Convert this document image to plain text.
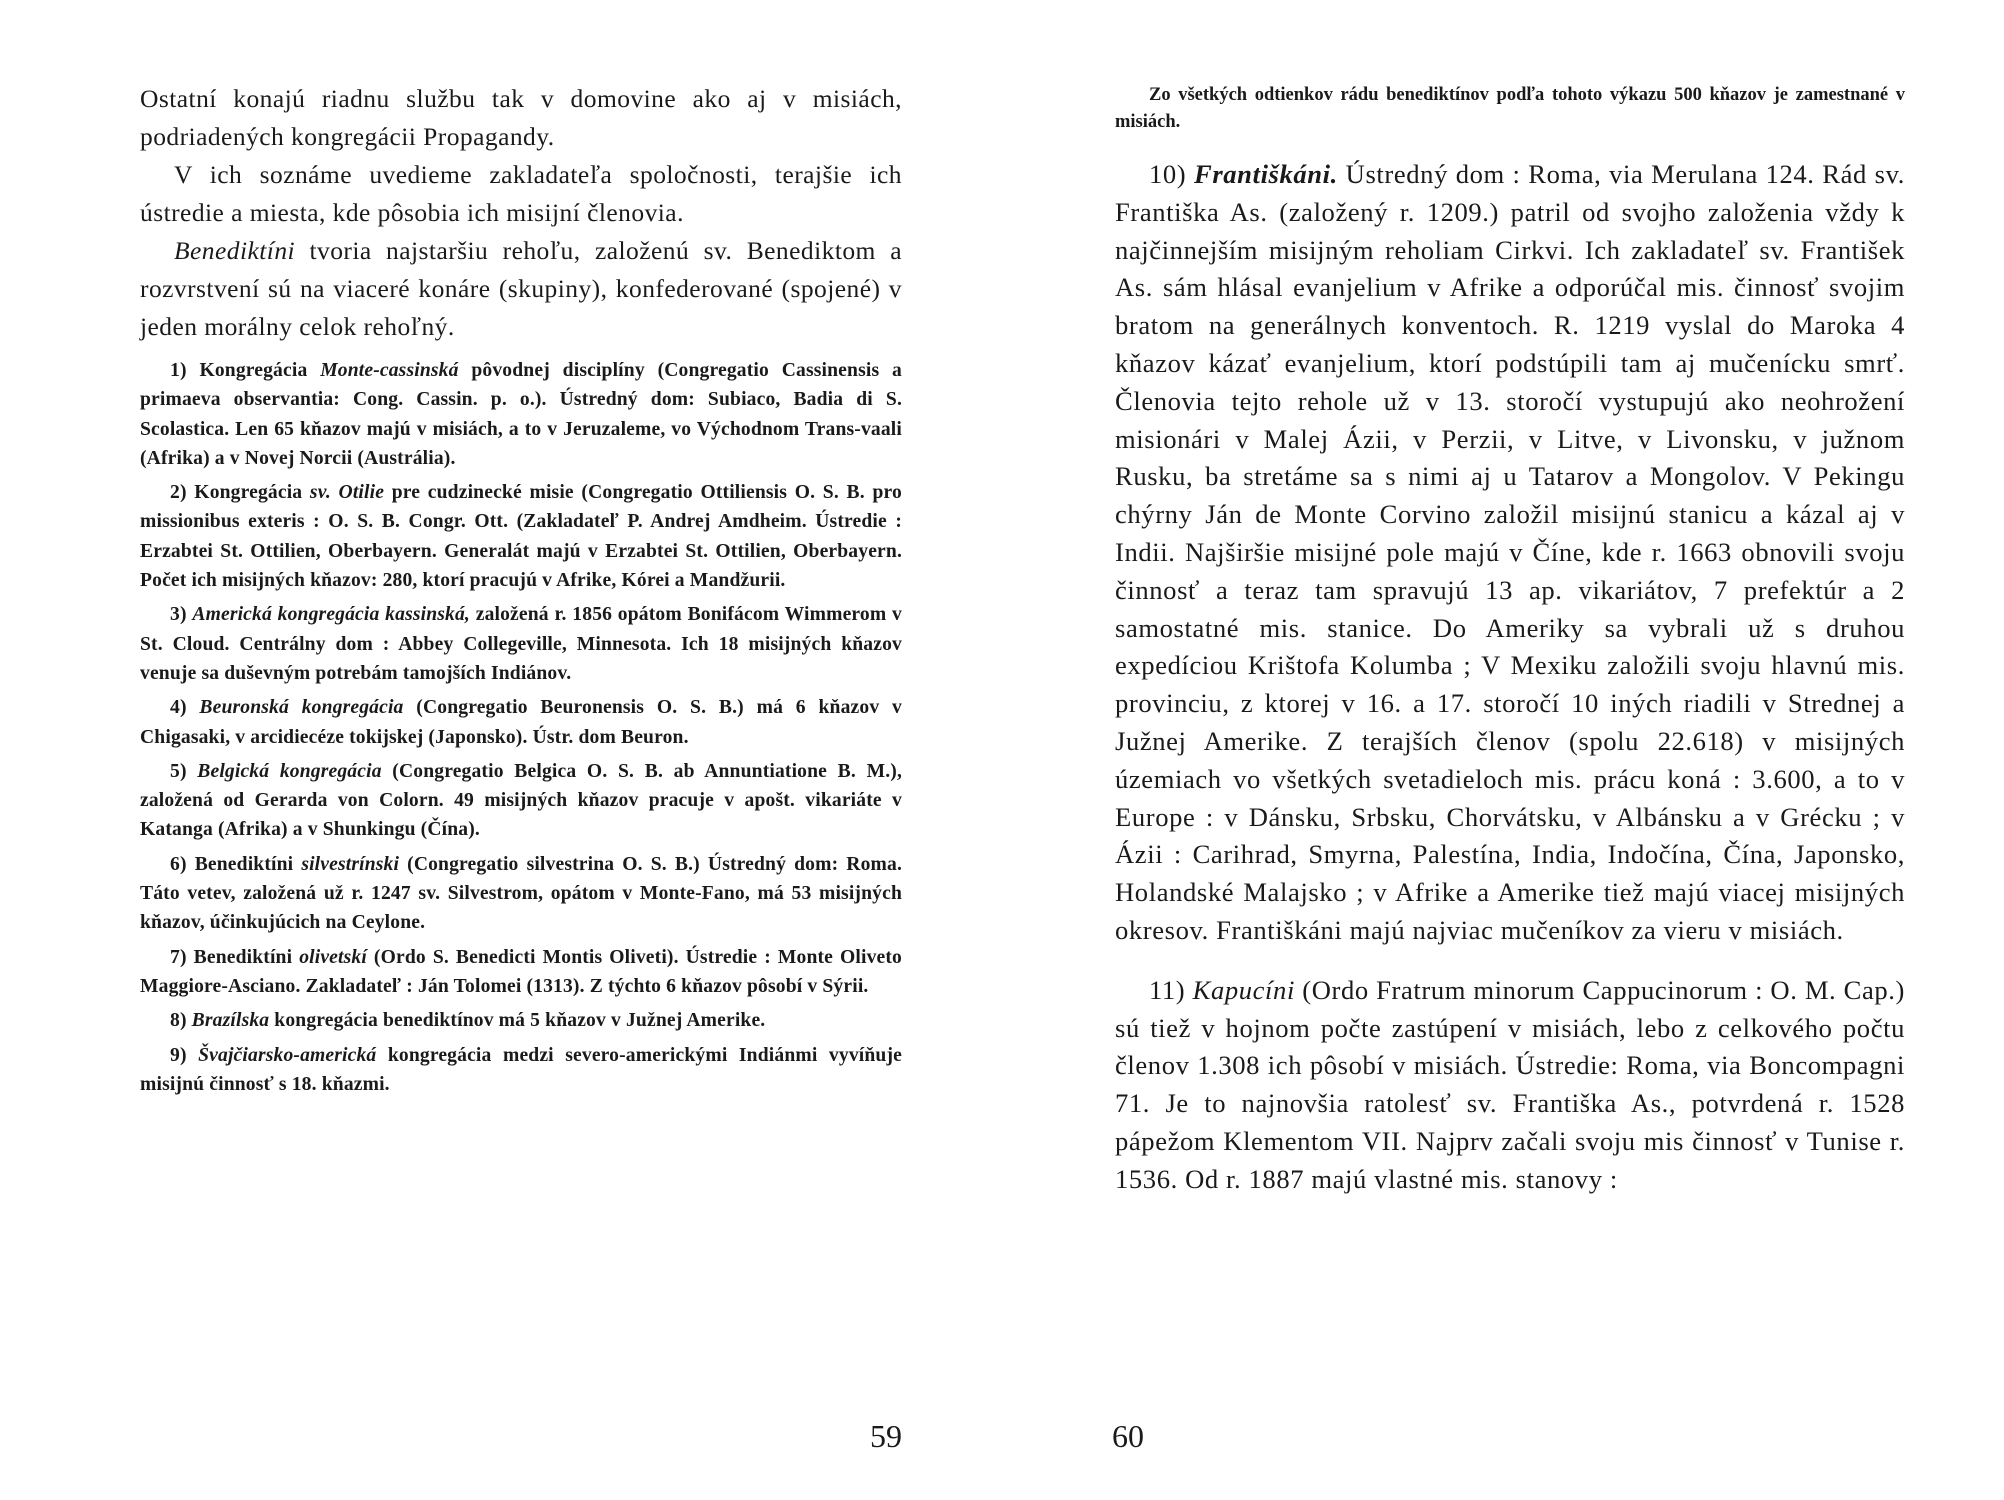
Ostatní konajú riadnu službu tak v domovine ako aj v misiách, podriadených kongregácii Propagandy.

V ich soznáme uvedieme zakladateľa spoločnosti, terajšie ich ústredie a miesta, kde pôsobia ich misijní členovia.

Benediktíni tvoria najstaršiu rehoľu, založenú sv. Benediktom a rozvrstvení sú na viaceré konáre (skupiny), konfederované (spojené) v jeden morálny celok rehoľný.

1) Kongregácia Monte-cassinská pôvodnej disciplíny (Congregatio Cassinensis a primaeva observantia: Cong. Cassin. p. o.). Ústredný dom: Subiaco, Badia di S. Scolastica. Len 65 kňazov majú v misiách, a to v Jeruzaleme, vo Východnom Trans-vaali (Afrika) a v Novej Norcii (Austrália).

2) Kongregácia sv. Otilie pre cudzinecké misie (Congregatio Ottiliensis O. S. B. pro missionibus exteris : O. S. B. Congr. Ott. (Zakladateľ P. Andrej Amdheim. Ústredie : Erzabtei St. Ottilien, Oberbayern. Generalát majú v Erzabtei St. Ottilien, Oberbayern. Počet ich misijných kňazov: 280, ktorí pracujú v Afrike, Kórei a Mandžurii.

3) Americká kongregácia kassinská, založená r. 1856 opátom Bonifácom Wimmerom v St. Cloud. Centrálny dom : Abbey Collegeville, Minnesota. Ich 18 misijných kňazov venuje sa duševným potrebám tamojších Indiánov.

4) Beuronská kongregácia (Congregatio Beuronensis O. S. B.) má 6 kňazov v Chigasaki, v arcidiecéze tokijskej (Japonsko). Ústr. dom Beuron.

5) Belgická kongregácia (Congregatio Belgica O. S. B. ab Annuntiatione B. M.), založená od Gerarda von Colorn. 49 misijných kňazov pracuje v apošt. vikariáte v Katanga (Afrika) a v Shunkingu (Čína).

6) Benediktíni silvestrínski (Congregatio silvestrina O. S. B.) Ústredný dom: Roma. Táto vetev, založená už r. 1247 sv. Silvestrom, opátom v Monte-Fano, má 53 misijných kňazov, účinkujúcich na Ceylone.

7) Benediktíni olivetskí (Ordo S. Benedicti Montis Oliveti). Ústredie : Monte Oliveto Maggiore-Asciano. Zakladateľ : Ján Tolomei (1313). Z týchto 6 kňazov pôsobí v Sýrii.

8) Brazílska kongregácia benediktínov má 5 kňazov v Južnej Amerike.

9) Švajčiarsko-americká kongregácia medzi severo-americkými Indiánmi vyvíňuje misijnú činnosť s 18. kňazmi.

59

Zo všetkých odtienkov rádu benediktínov podľa tohoto výkazu 500 kňazov je zamestnané v misiách.

10) Františkáni. Ústredný dom : Roma, via Merulana 124. Rád sv. Františka As. (založený r. 1209.) patril od svojho založenia vždy k najčinnejším misijným reholiam Cirkvi. Ich zakladateľ sv. František As. sám hlásal evanjelium v Afrike a odporúčal mis. činnosť svojim bratom na generálnych konventoch. R. 1219 vyslal do Maroka 4 kňazov kázať evanjelium, ktorí podstúpili tam aj mučenícku smrť. Členovia tejto rehole už v 13. storočí vystupujú ako neohrožení misionári v Malej Ázii, v Perzii, v Litve, v Livonsku, v južnom Rusku, ba stretáme sa s nimi aj u Tatarov a Mongolov. V Pekingu chýrny Ján de Monte Corvino založil misijnú stanicu a kázal aj v Indii. Najširšie misijné pole majú v Číne, kde r. 1663 obnovili svoju činnosť a teraz tam spravujú 13 ap. vikariátov, 7 prefektúr a 2 samostatné mis. stanice. Do Ameriky sa vybrali už s druhou expedíciou Krištofa Kolumba ; V Mexiku založili svoju hlavnú mis. provinciu, z ktorej v 16. a 17. storočí 10 iných riadili v Strednej a Južnej Amerike. Z terajších členov (spolu 22.618) v misijných územiach vo všetkých svetadieloch mis. prácu koná : 3.600, a to v Europe : v Dánsku, Srbsku, Chorvátsku, v Albánsku a v Grécku ; v Ázii : Carihrad, Smyrna, Palestína, India, Indočína, Čína, Japonsko, Holandské Malajsko ; v Afrike a Amerike tiež majú viacej misijných okresov. Františkáni majú najviac mučeníkov za vieru v misiách.

11) Kapucíni (Ordo Fratrum minorum Cappucinorum : O. M. Cap.) sú tiež v hojnom počte zastúpení v misiách, lebo z celkového počtu členov 1.308 ich pôsobí v misiách. Ústredie: Roma, via Boncompagni 71. Je to najnovšia ratolesť sv. Františka As., potvrdená r. 1528 pápežom Klementom VII. Najprv začali svoju mis činnosť v Tunise r. 1536. Od r. 1887 majú vlastné mis. stanovy :

60
